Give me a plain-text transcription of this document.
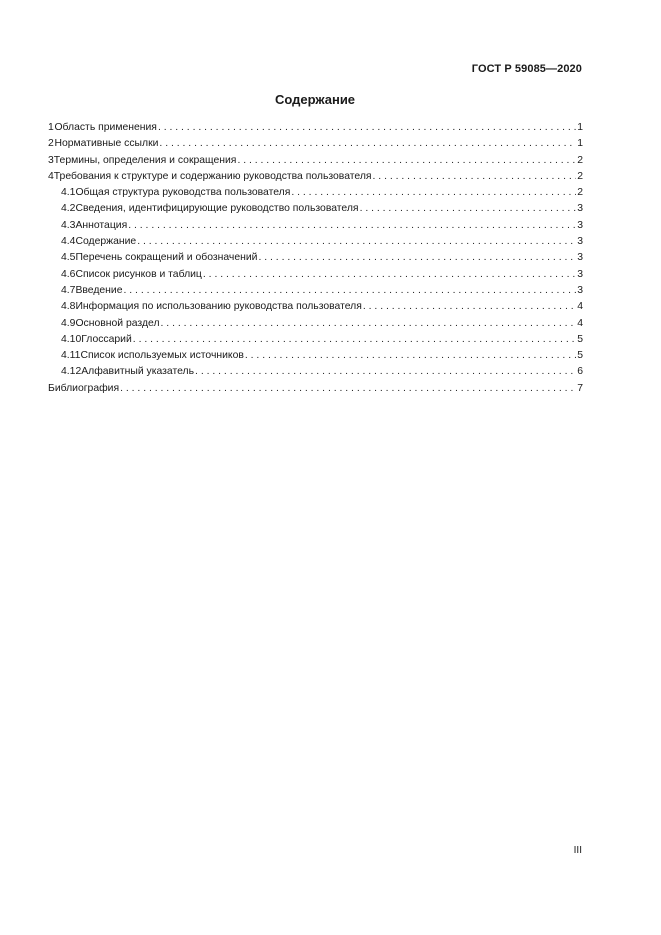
ГОСТ Р 59085—2020
Содержание
1 Область применения . . .	1
2 Нормативные ссылки . . .	1
3 Термины, определения и сокращения . . .	2
4 Требования к структуре и содержанию руководства пользователя . . .	2
4.1 Общая структура руководства пользователя . . .	2
4.2 Сведения, идентифицирующие руководство пользователя . . .	3
4.3 Аннотация . . .	3
4.4 Содержание . . .	3
4.5 Перечень сокращений и обозначений . . .	3
4.6 Список рисунков и таблиц . . .	3
4.7 Введение . . .	3
4.8 Информация по использованию руководства пользователя . . .	4
4.9 Основной раздел . . .	4
4.10 Глоссарий . . .	5
4.11 Список используемых источников . . .	5
4.12 Алфавитный указатель . . .	6
Библиография . . .	7
III
